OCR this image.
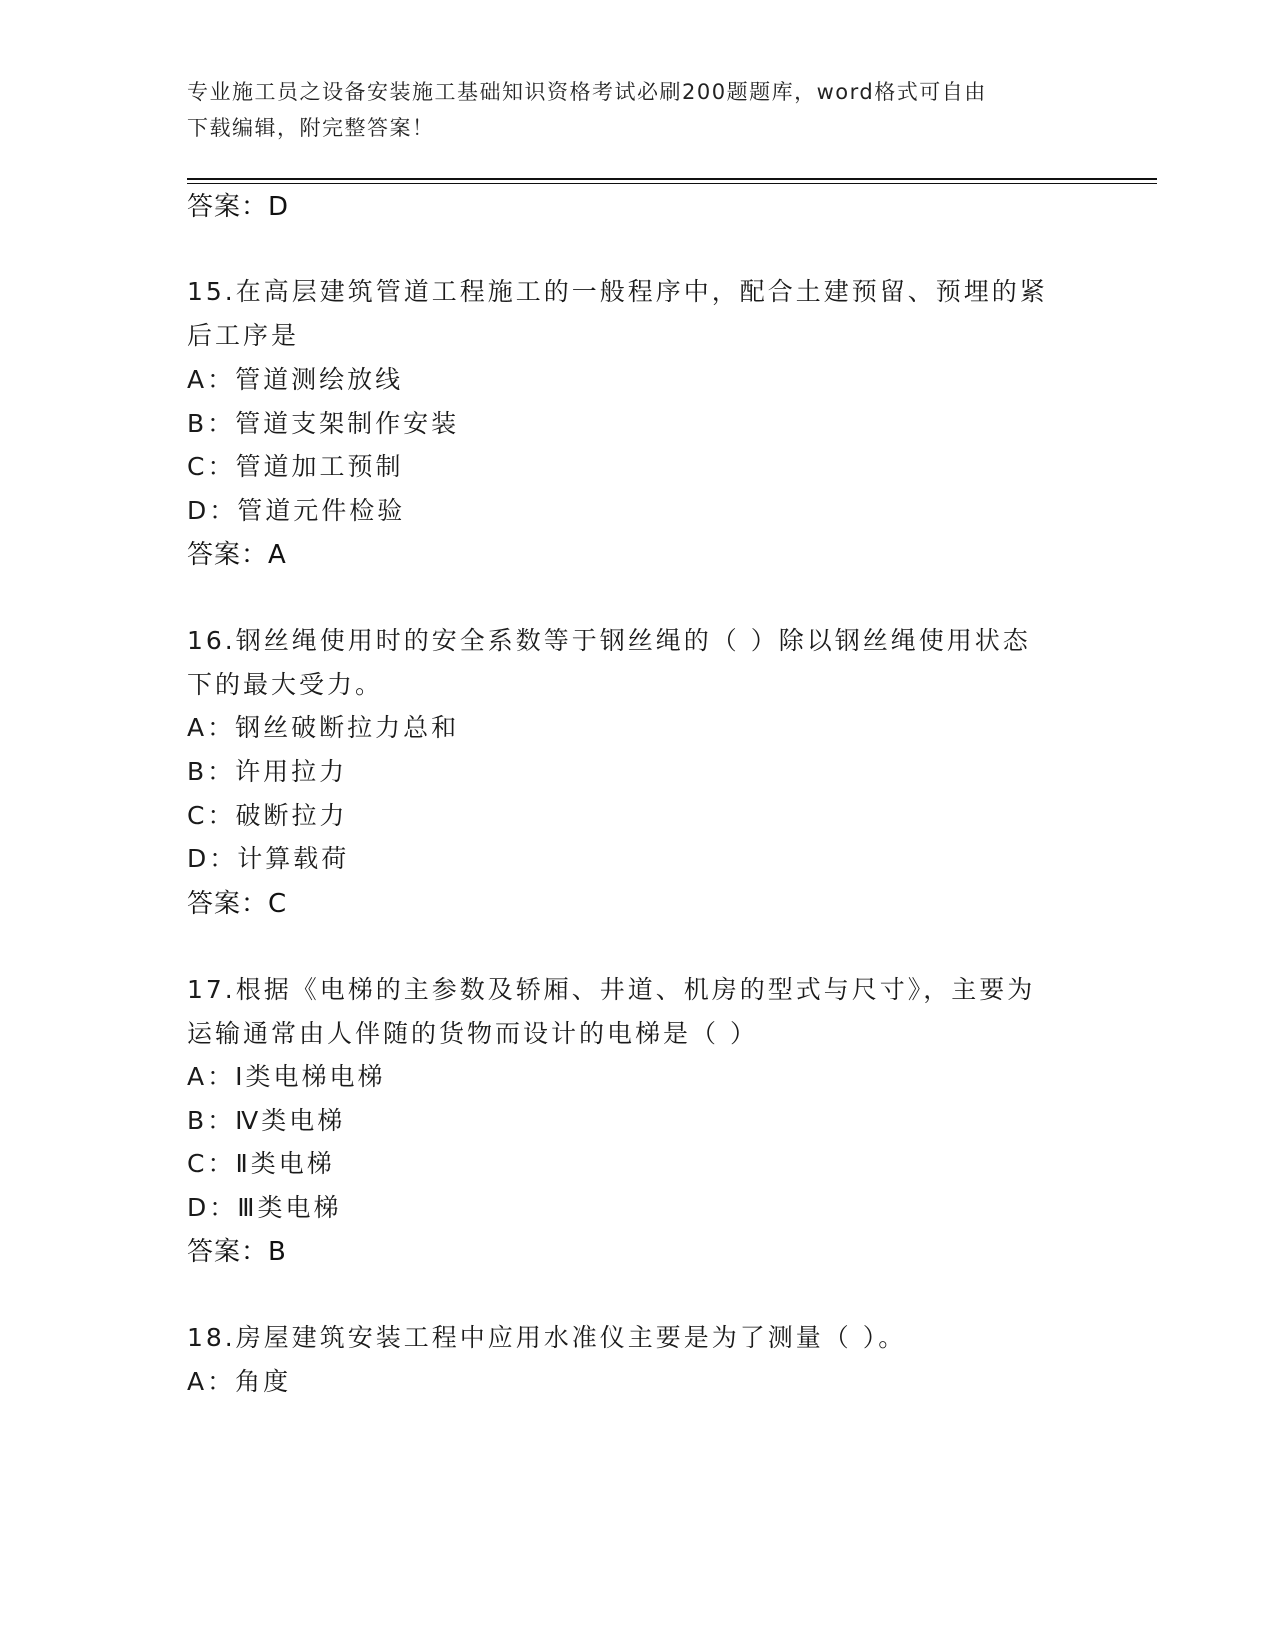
专业施工员之设备安装施工基础知识资格考试必刷200题题库，word格式可自由
下载编辑，附完整答案！
答案：D
15.在高层建筑管道工程施工的一般程序中，配合土建预留、预埋的紧
后工序是
A：管道测绘放线
B：管道支架制作安装
C：管道加工预制
D：管道元件检验
答案：A
16.钢丝绳使用时的安全系数等于钢丝绳的（ ）除以钢丝绳使用状态
下的最大受力。
A：钢丝破断拉力总和
B：许用拉力
C：破断拉力
D：计算载荷
答案：C
17.根据《电梯的主参数及轿厢、井道、机房的型式与尺寸》，主要为
运输通常由人伴随的货物而设计的电梯是（ ）
A：Ⅰ类电梯电梯
B：Ⅳ类电梯
C：Ⅱ类电梯
D：Ⅲ类电梯
答案：B
18.房屋建筑安装工程中应用水准仪主要是为了测量（ ）。
A：角度
